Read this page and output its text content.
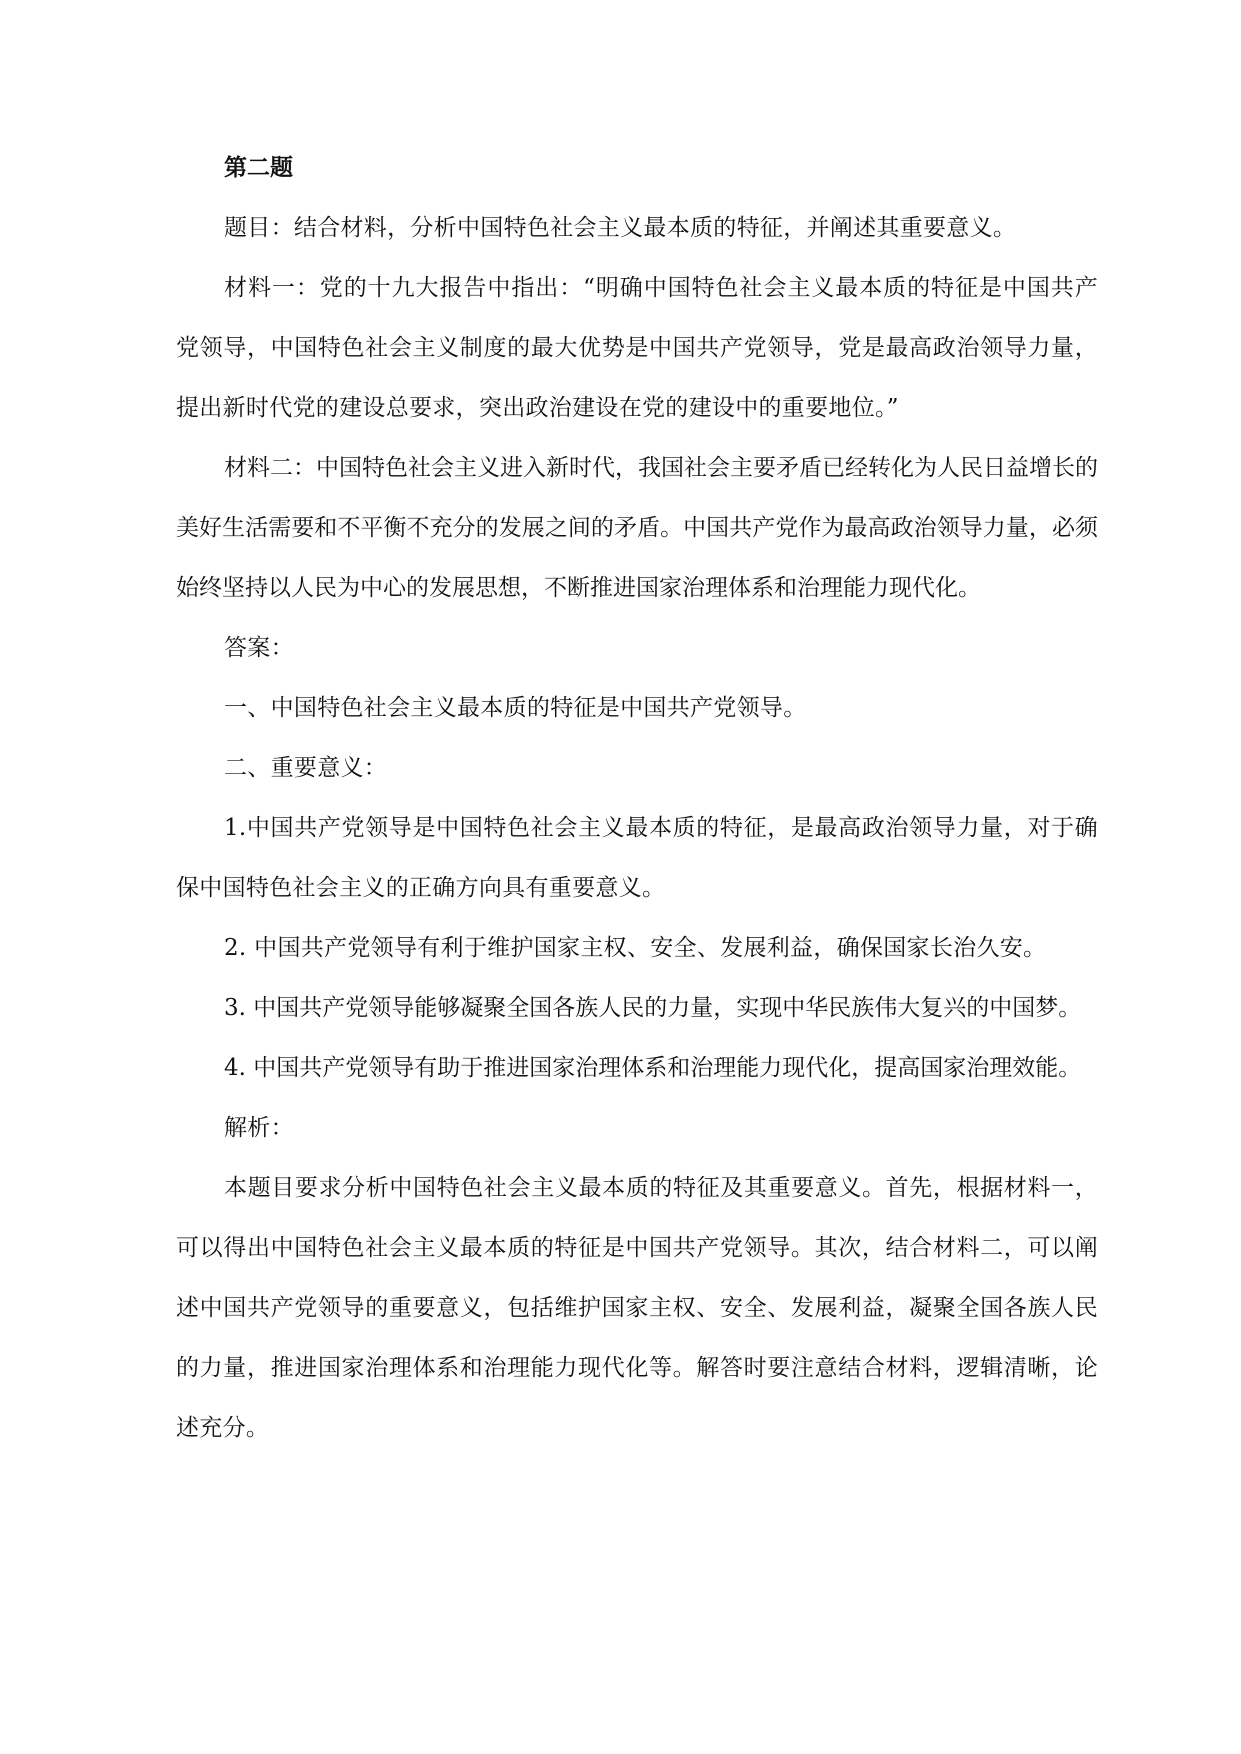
第二题

题目：结合材料，分析中国特色社会主义最本质的特征，并阐述其重要意义。

材料一：党的十九大报告中指出：“明确中国特色社会主义最本质的特征是中国共产党领导，中国特色社会主义制度的最大优势是中国共产党领导，党是最高政治领导力量，提出新时代党的建设总要求，突出政治建设在党的建设中的重要地位。”

材料二：中国特色社会主义进入新时代，我国社会主要矛盾已经转化为人民日益增长的美好生活需要和不平衡不充分的发展之间的矛盾。中国共产党作为最高政治领导力量，必须始终坚持以人民为中心的发展思想，不断推进国家治理体系和治理能力现代化。

答案：

一、中国特色社会主义最本质的特征是中国共产党领导。

二、重要意义：

1.中国共产党领导是中国特色社会主义最本质的特征，是最高政治领导力量，对于确保中国特色社会主义的正确方向具有重要意义。

2. 中国共产党领导有利于维护国家主权、安全、发展利益，确保国家长治久安。

3. 中国共产党领导能够凝聚全国各族人民的力量，实现中华民族伟大复兴的中国梦。

4. 中国共产党领导有助于推进国家治理体系和治理能力现代化，提高国家治理效能。

解析：

本题目要求分析中国特色社会主义最本质的特征及其重要意义。首先，根据材料一，可以得出中国特色社会主义最本质的特征是中国共产党领导。其次，结合材料二，可以阐述中国共产党领导的重要意义，包括维护国家主权、安全、发展利益，凝聚全国各族人民的力量，推进国家治理体系和治理能力现代化等。解答时要注意结合材料，逻辑清晰，论述充分。
